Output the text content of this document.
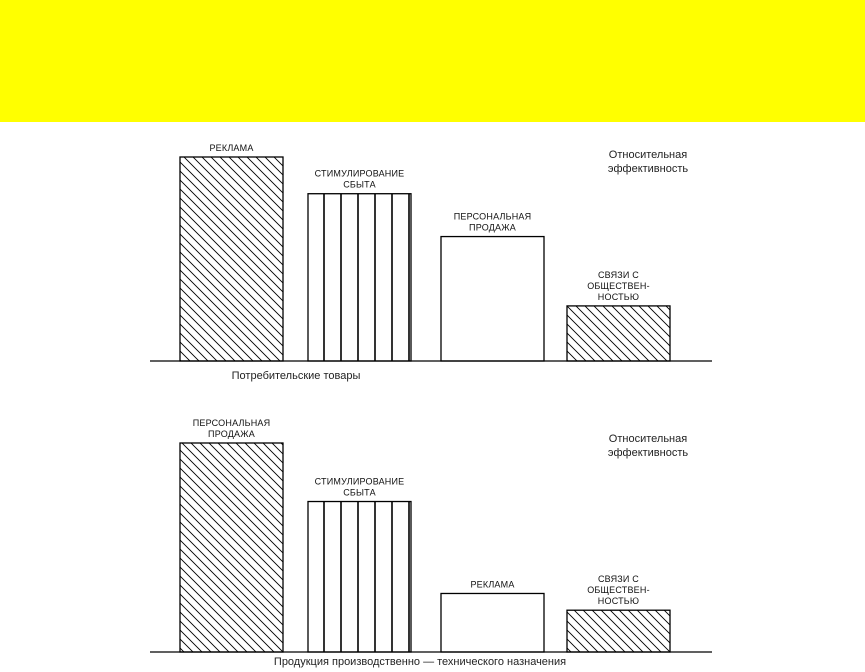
РЕКЛАМА
СТИМУЛИРОВАНИЕ СБЫТА
ПЕРСОНАЛЬНАЯ ПРОДАЖА
СВЯЗИ С ОБЩЕСТВЕН-НОСТЬЮ
Относительная эффективность
Потребительские товары
ПЕРСОНАЛЬНАЯ ПРОДАЖА
СТИМУЛИРОВАНИЕ СБЫТА
РЕКЛАМА
СВЯЗИ С ОБЩЕСТВЕН-НОСТЬЮ
Относительная эффективность
Продукция производственно — технического назначения
